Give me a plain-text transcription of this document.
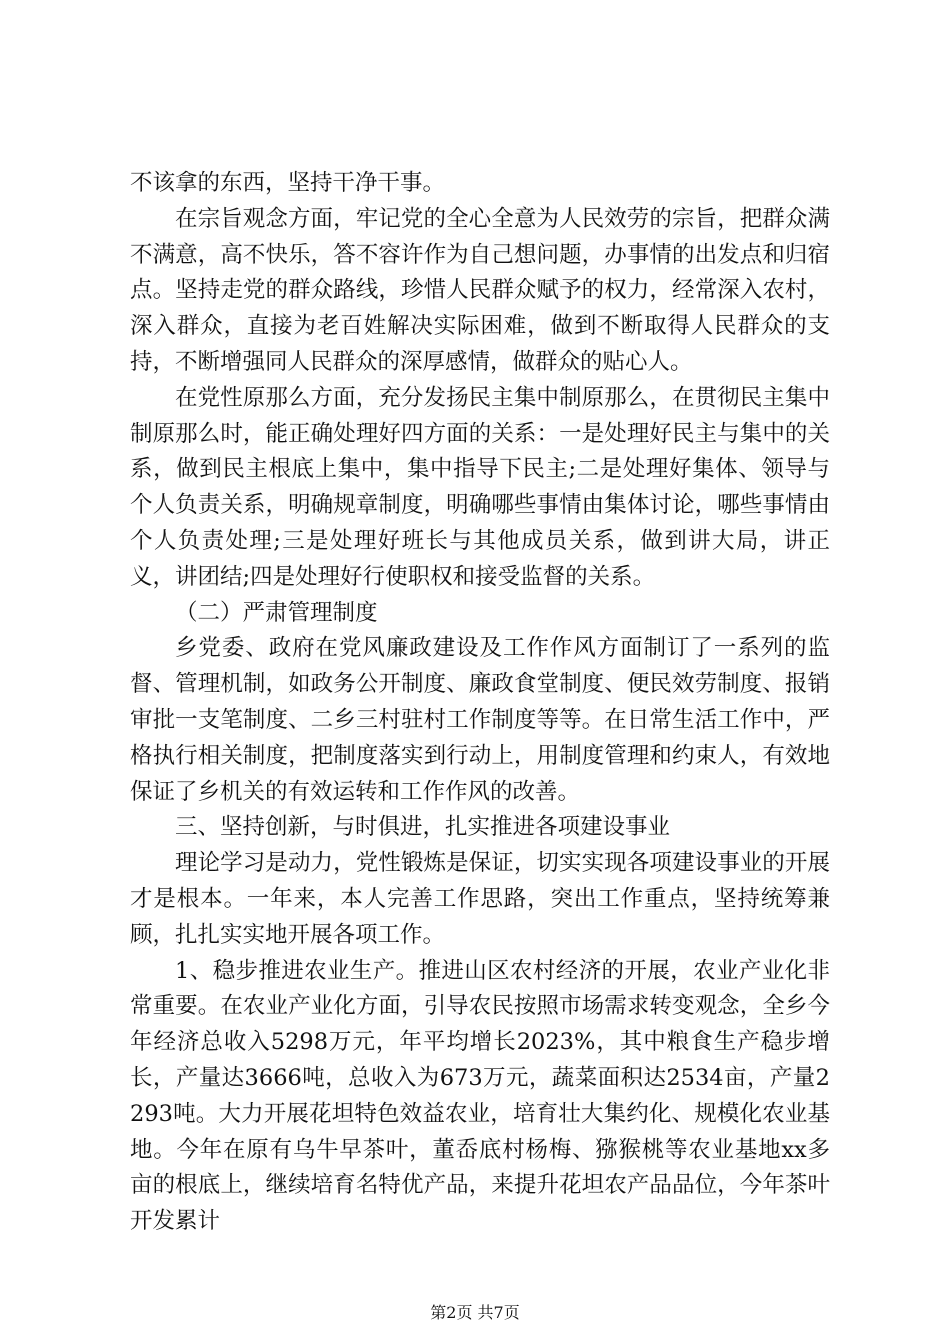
不该拿的东西，坚持干净干事。

在宗旨观念方面，牢记党的全心全意为人民效劳的宗旨，把群众满不满意，高不快乐，答不容许作为自己想问题，办事情的出发点和归宿点。坚持走党的群众路线，珍惜人民群众赋予的权力，经常深入农村，深入群众，直接为老百姓解决实际困难，做到不断取得人民群众的支持，不断增强同人民群众的深厚感情，做群众的贴心人。

在党性原那么方面，充分发扬民主集中制原那么，在贯彻民主集中制原那么时，能正确处理好四方面的关系：一是处理好民主与集中的关系，做到民主根底上集中，集中指导下民主;二是处理好集体、领导与个人负责关系，明确规章制度，明确哪些事情由集体讨论，哪些事情由个人负责处理;三是处理好班长与其他成员关系，做到讲大局，讲正义，讲团结;四是处理好行使职权和接受监督的关系。

（二）严肃管理制度

乡党委、政府在党风廉政建设及工作作风方面制订了一系列的监督、管理机制，如政务公开制度、廉政食堂制度、便民效劳制度、报销审批一支笔制度、二乡三村驻村工作制度等等。在日常生活工作中，严格执行相关制度，把制度落实到行动上，用制度管理和约束人，有效地保证了乡机关的有效运转和工作作风的改善。

三、坚持创新，与时俱进，扎实推进各项建设事业

理论学习是动力，党性锻炼是保证，切实实现各项建设事业的开展才是根本。一年来，本人完善工作思路，突出工作重点，坚持统筹兼顾，扎扎实实地开展各项工作。

1、稳步推进农业生产。推进山区农村经济的开展，农业产业化非常重要。在农业产业化方面，引导农民按照市场需求转变观念，全乡今年经济总收入5298万元，年平均增长2023%，其中粮食生产稳步增长，产量达3666吨，总收入为673万元，蔬菜面积达2534亩，产量2293吨。大力开展花坦特色效益农业，培育壮大集约化、规模化农业基地。今年在原有乌牛早茶叶，董岙底村杨梅、猕猴桃等农业基地xx多亩的根底上，继续培育名特优产品，来提升花坦农产品品位，今年茶叶开发累计

第2页 共7页
